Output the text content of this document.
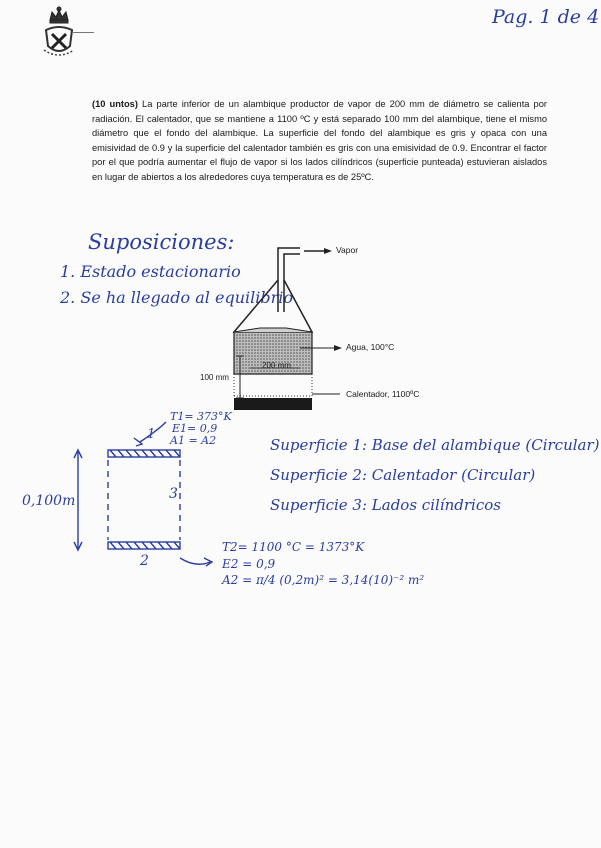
Pag. 1 de 4
(10 untos) La parte inferior de un alambique productor de vapor de 200 mm de diámetro se calienta por radiación. El calentador, que se mantiene a 1100 ºC y está separado 100 mm del alambique, tiene el mismo diámetro que el fondo del alambique. La superficie del fondo del alambique es gris y opaca con una emisividad de 0.9 y la superficie del calentador también es gris con una emisividad de 0.9. Encontrar el factor por el que podría aumentar el flujo de vapor si los lados cilíndricos (superficie punteada) estuvieran aislados en lugar de abiertos a los alrededores cuya temperatura es de 25ºC.
Suposiciones:
1. Estado estacionario
2. Se ha llegado al equilibrio
Vapor
Agua, 100°C
Calentador, 1100ºC
100 mm
200 mm
T1= 373°K
E1= 0,9
A1 = A2
1
3
2
0,100m
T2= 1100 °C = 1373°K
E2 = 0,9
A2 = π/4 (0,2m)² = 3,14(10)⁻² m²
Superficie 1: Base del alambique (Circular)
Superficie 2: Calentador (Circular)
Superficie 3: Lados cilíndricos
